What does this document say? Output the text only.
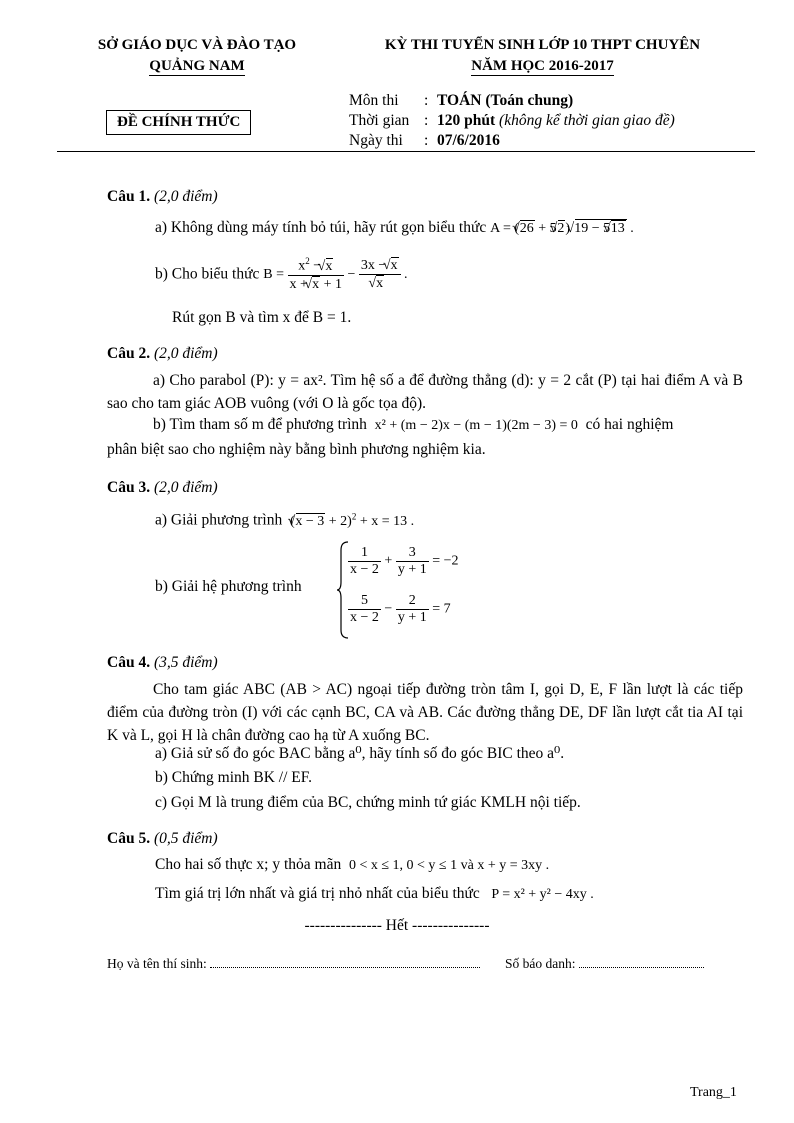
SỞ GIÁO DỤC VÀ ĐÀO TẠO
QUẢNG NAM
KỲ THI TUYỂN SINH LỚP 10 THPT CHUYÊN
NĂM HỌC 2016-2017
ĐỀ CHÍNH THỨC
Môn thi : TOÁN (Toán chung)
Thời gian : 120 phút (không kể thời gian giao đề)
Ngày thi : 07/6/2016
Câu 1. (2,0 điểm)
a) Không dùng máy tính bỏ túi, hãy rút gọn biểu thức A = (√ 26 + 5√ 2) √ 19 − 5√ 13 .
b) Cho biểu thức $B = \frac{x^2 - √ x}{x + √ x + 1} - 3x$ − √ x
√ x .
Rút gọn B và tìm x để B = 1.
Câu 2. (2,0 điểm)
a) Cho parabol (P): y = ax². Tìm hệ số a để đường thẳng (d): y = 2 cắt (P) tại hai điểm A và B sao cho tam giác AOB vuông (với O là gốc tọa độ).
b) Tìm tham số m để phương trình x² + (m − 2)x − (m − 1)(2m − 3) = 0 có hai nghiệm
phân biệt sao cho nghiệm này bằng bình phương nghiệm kia.
Câu 3. (2,0 điểm)
a) Giải phương trình (√ x − 3 + 2)$^2$ + x = 13 .
b) Giải hệ phương trình
$\frac{1}{x - 2} + \frac{3}{y + 1} = -2$
$\frac{5}{x - 2} - \frac{2}{y + 1} = 7$
Câu 4. (3,5 điểm)
Cho tam giác ABC (AB > AC) ngoại tiếp đường tròn tâm I, gọi D, E, F lần lượt là các tiếp điểm của đường tròn (I) với các cạnh BC, CA và AB. Các đường thẳng DE, DF lần lượt cắt tia AI tại K và L, gọi H là chân đường cao hạ từ A xuống BC.
a) Giả sử số đo góc BAC bằng a⁰, hãy tính số đo góc BIC theo a⁰.
b) Chứng minh BK // EF.
c) Gọi M là trung điểm của BC, chứng minh tứ giác KMLH nội tiếp.
Câu 5. (0,5 điểm)
Cho hai số thực x; y thỏa mãn 0 < x ≤ 1, 0 < y ≤ 1 và x + y = 3xy .
Tìm giá trị lớn nhất và giá trị nhỏ nhất của biểu thức P = x² + y² − 4xy .
--------------- Hết ---------------
Họ và tên thí sinh:	Số báo danh:
Trang_1
